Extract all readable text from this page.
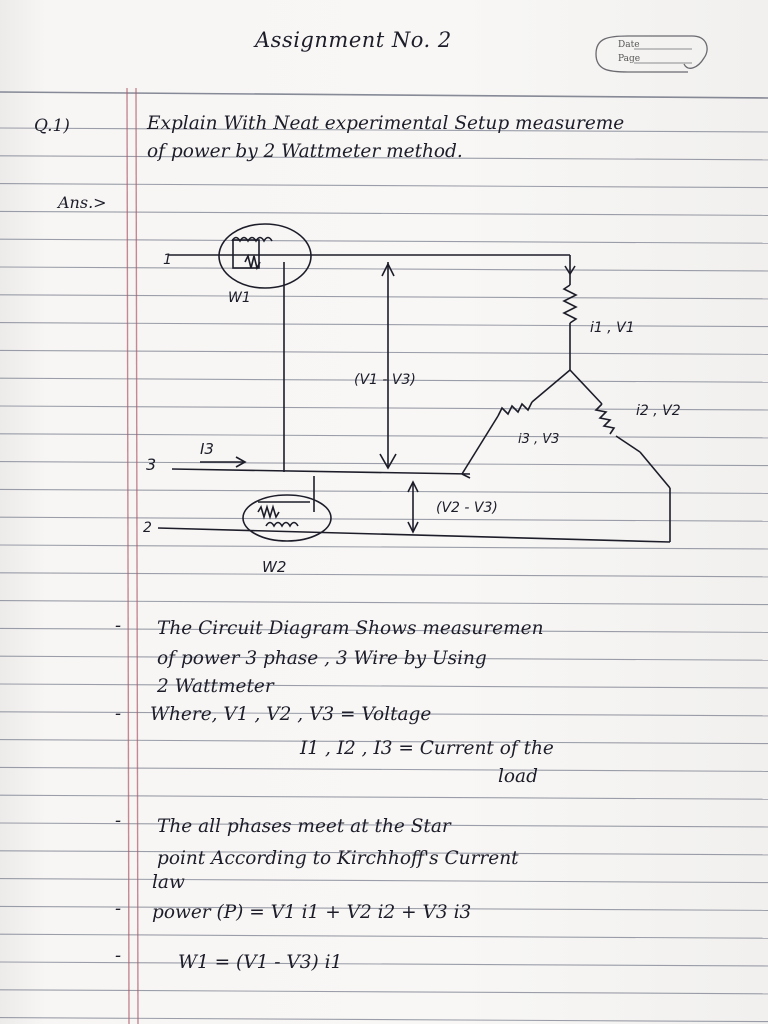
Assignment No. 2	Date
Page
Q.1)	Explain With Neat experimental Setup measureme
of power by 2 Wattmeter method.
Ans.>
1
2
3
W1
W2
I3
(V1 - V3)
(V2 - V3)
i1 , V1
i2 , V2
i3 , V3
- The Circuit Diagram Shows measuremen
of power 3 phase , 3 Wire by Using
2 Wattmeter
- Where, V1 , V2 , V3 = Voltage
I1 , I2 , I3 = Current of the
load
- The all phases meet at the Star
point According to Kirchhoff's Current
law
- power (P) = V1 i1 + V2 i2 + V3 i3
-	W1 = (V1 - V3) i1
